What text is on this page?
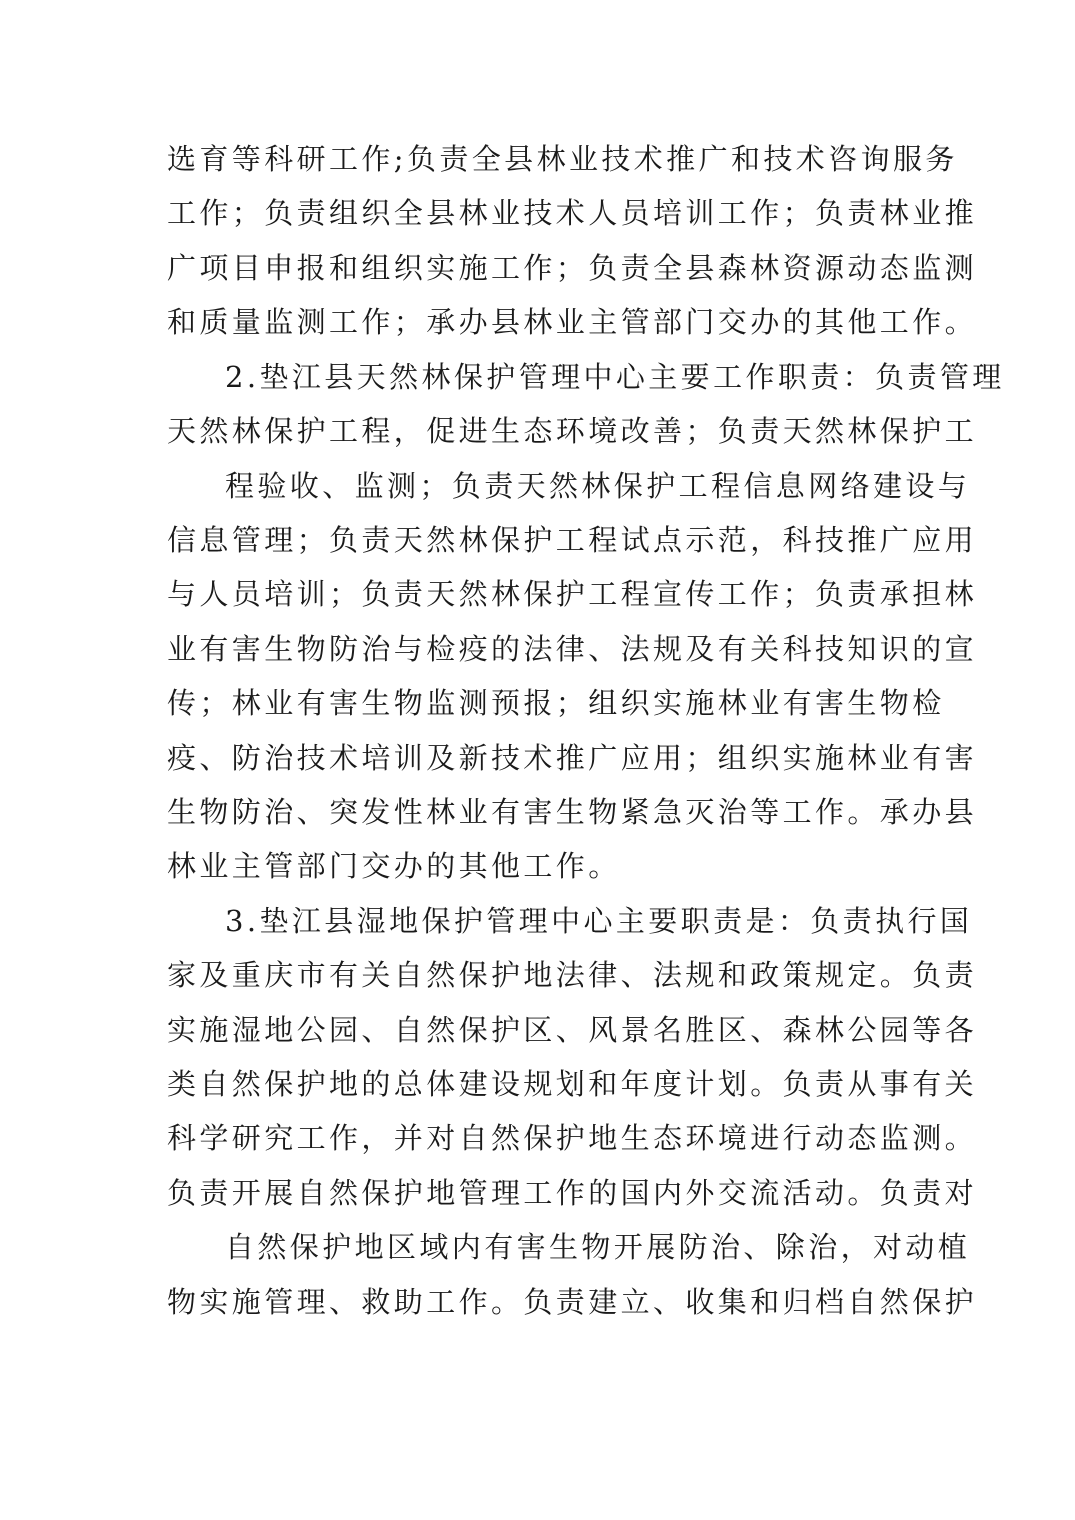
选育等科研工作;负责全县林业技术推广和技术咨询服务
工作；负责组织全县林业技术人员培训工作；负责林业推
广项目申报和组织实施工作；负责全县森林资源动态监测
和质量监测工作；承办县林业主管部门交办的其他工作。
2.垫江县天然林保护管理中心主要工作职责：负责管理
天然林保护工程，促进生态环境改善；负责天然林保护工
程验收、监测；负责天然林保护工程信息网络建设与
信息管理；负责天然林保护工程试点示范，科技推广应用
与人员培训；负责天然林保护工程宣传工作；负责承担林
业有害生物防治与检疫的法律、法规及有关科技知识的宣
传；林业有害生物监测预报；组织实施林业有害生物检
疫、防治技术培训及新技术推广应用；组织实施林业有害
生物防治、突发性林业有害生物紧急灭治等工作。承办县
林业主管部门交办的其他工作。
3.垫江县湿地保护管理中心主要职责是：负责执行国
家及重庆市有关自然保护地法律、法规和政策规定。负责
实施湿地公园、自然保护区、风景名胜区、森林公园等各
类自然保护地的总体建设规划和年度计划。负责从事有关
科学研究工作，并对自然保护地生态环境进行动态监测。
负责开展自然保护地管理工作的国内外交流活动。负责对
自然保护地区域内有害生物开展防治、除治，对动植
物实施管理、救助工作。负责建立、收集和归档自然保护
